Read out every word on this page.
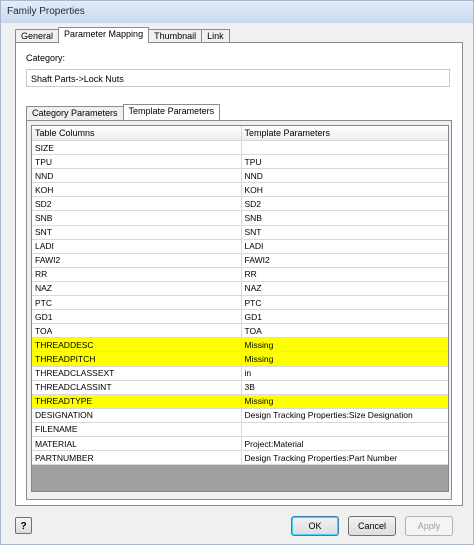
Family Properties
General	Parameter Mapping	Thumbnail	Link
Category:
Shaft Parts->Lock Nuts
Category Parameters	Template Parameters
Table Columns	Template Parameters
SIZE	
TPU	TPU
NND	NND
KOH	KOH
SD2	SD2
SNB	SNB
SNT	SNT
LADI	LADI
FAWI2	FAWI2
RR	RR
NAZ	NAZ
PTC	PTC
GD1	GD1
TOA	TOA
THREADDESC	Missing
THREADPITCH	Missing
THREADCLASSEXT	in
THREADCLASSINT	3B
THREADTYPE	Missing
DESIGNATION	Design Tracking Properties:Size Designation
FILENAME	
MATERIAL	Project:Material
PARTNUMBER	Design Tracking Properties:Part Number
?	OK	Cancel	Apply
